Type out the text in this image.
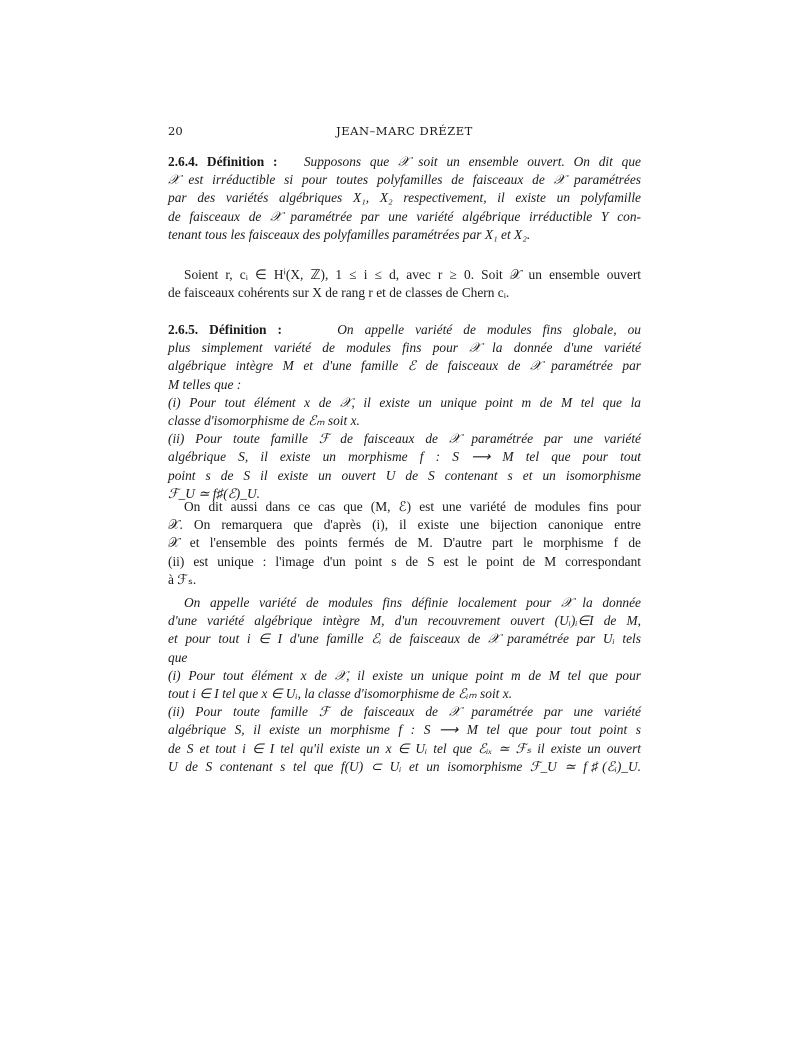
20	JEAN–MARC DRÉZET
2.6.4. Définition : Supposons que 𝒳 soit un ensemble ouvert. On dit que
𝒳 est irréductible si pour toutes polyfamilles de faisceaux de 𝒳 paramétrées
par des variétés algébriques X₁, X₂ respectivement, il existe un polyfamille
de faisceaux de 𝒳 paramétrée par une variété algébrique irréductible Y con-
tenant tous les faisceaux des polyfamilles paramétrées par X₁ et X₂.
Soient r, cᵢ ∈ Hⁱ(X, ℤ), 1 ≤ i ≤ d, avec r ≥ 0. Soit 𝒳 un ensemble ouvert
de faisceaux cohérents sur X de rang r et de classes de Chern cᵢ.
2.6.5. Définition :	On appelle variété de modules fins globale, ou
plus simplement variété de modules fins pour 𝒳 la donnée d'une variété
algébrique intègre M et d'une famille ℰ de faisceaux de 𝒳 paramétrée par
M telles que :
(i) Pour tout élément x de 𝒳, il existe un unique point m de M tel que la
classe d'isomorphisme de ℰₘ soit x.
(ii) Pour toute famille ℱ de faisceaux de 𝒳 paramétrée par une variété
algébrique S, il existe un morphisme f : S ⟶ M tel que pour tout
point s de S il existe un ouvert U de S contenant s et un isomorphisme
ℱ_U ≃ f♯(ℰ)_U.
On dit aussi dans ce cas que (M, ℰ) est une variété de modules fins pour
𝒳. On remarquera que d'après (i), il existe une bijection canonique entre
𝒳 et l'ensemble des points fermés de M. D'autre part le morphisme f de
(ii) est unique : l'image d'un point s de S est le point de M correspondant
à ℱₛ.
On appelle variété de modules fins définie localement pour 𝒳 la donnée
d'une variété algébrique intègre M, d'un recouvrement ouvert (Uᵢ)ᵢ∈I de M,
et pour tout i ∈ I d'une famille ℰᵢ de faisceaux de 𝒳 paramétrée par Uᵢ tels
que
(i) Pour tout élément x de 𝒳, il existe un unique point m de M tel que pour
tout i ∈ I tel que x ∈ Uᵢ, la classe d'isomorphisme de ℰᵢₘ soit x.
(ii) Pour toute famille ℱ de faisceaux de 𝒳 paramétrée par une variété
algébrique S, il existe un morphisme f : S ⟶ M tel que pour tout point s
de S et tout i ∈ I tel qu'il existe un x ∈ Uᵢ tel que ℰᵢₓ ≃ ℱₛ il existe un ouvert
U de S contenant s tel que f(U) ⊂ Uᵢ et un isomorphisme ℱ_U ≃ f♯(ℰᵢ)_U.
